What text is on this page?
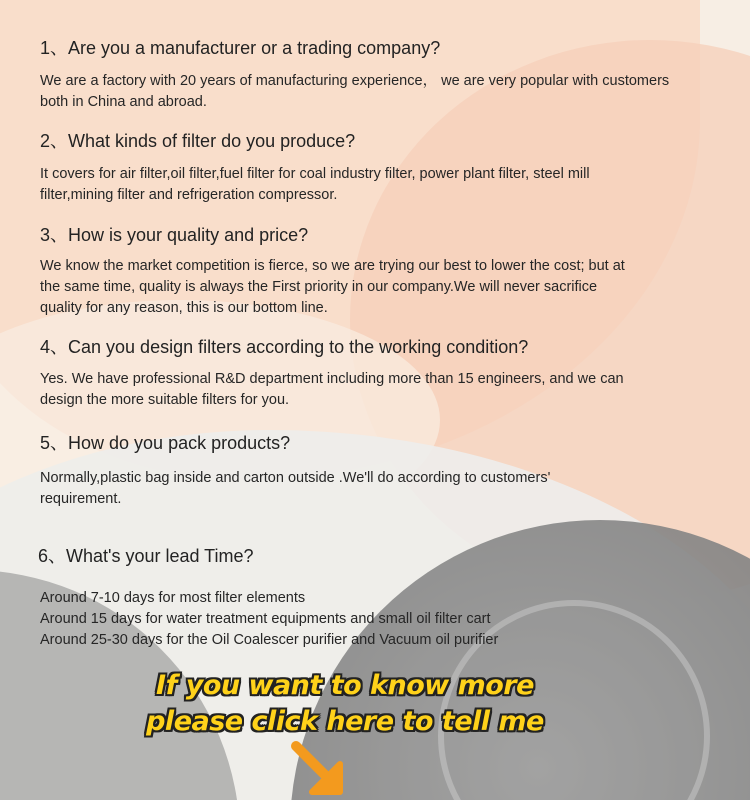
1、Are you a manufacturer or a trading company?
We are a factory with 20 years of manufacturing experience， we are very popular with customers
both in China and abroad.
2、What kinds of filter do you produce?
It covers for air filter,oil filter,fuel filter for coal industry filter, power plant filter, steel mill
filter,mining filter and refrigeration compressor.
3、How is your quality and price?
We know the market competition is fierce, so we are trying our best to lower the cost; but at
the same time, quality is always the First priority in our company.We will never sacrifice
quality for any reason, this is our bottom line.
4、Can you design filters according to the working condition?
Yes. We have professional R&D department including more than 15 engineers, and we can
design the more suitable filters for you.
5、How do you pack products?
Normally,plastic bag inside and carton outside .We'll do according to customers'
requirement.
6、What's your lead Time?
Around 7-10 days for most filter elements
Around 15 days for water treatment equipments and small oil filter cart
Around 25-30 days for the Oil Coalescer purifier and Vacuum oil purifier
If you want to know more
please click here to tell me
